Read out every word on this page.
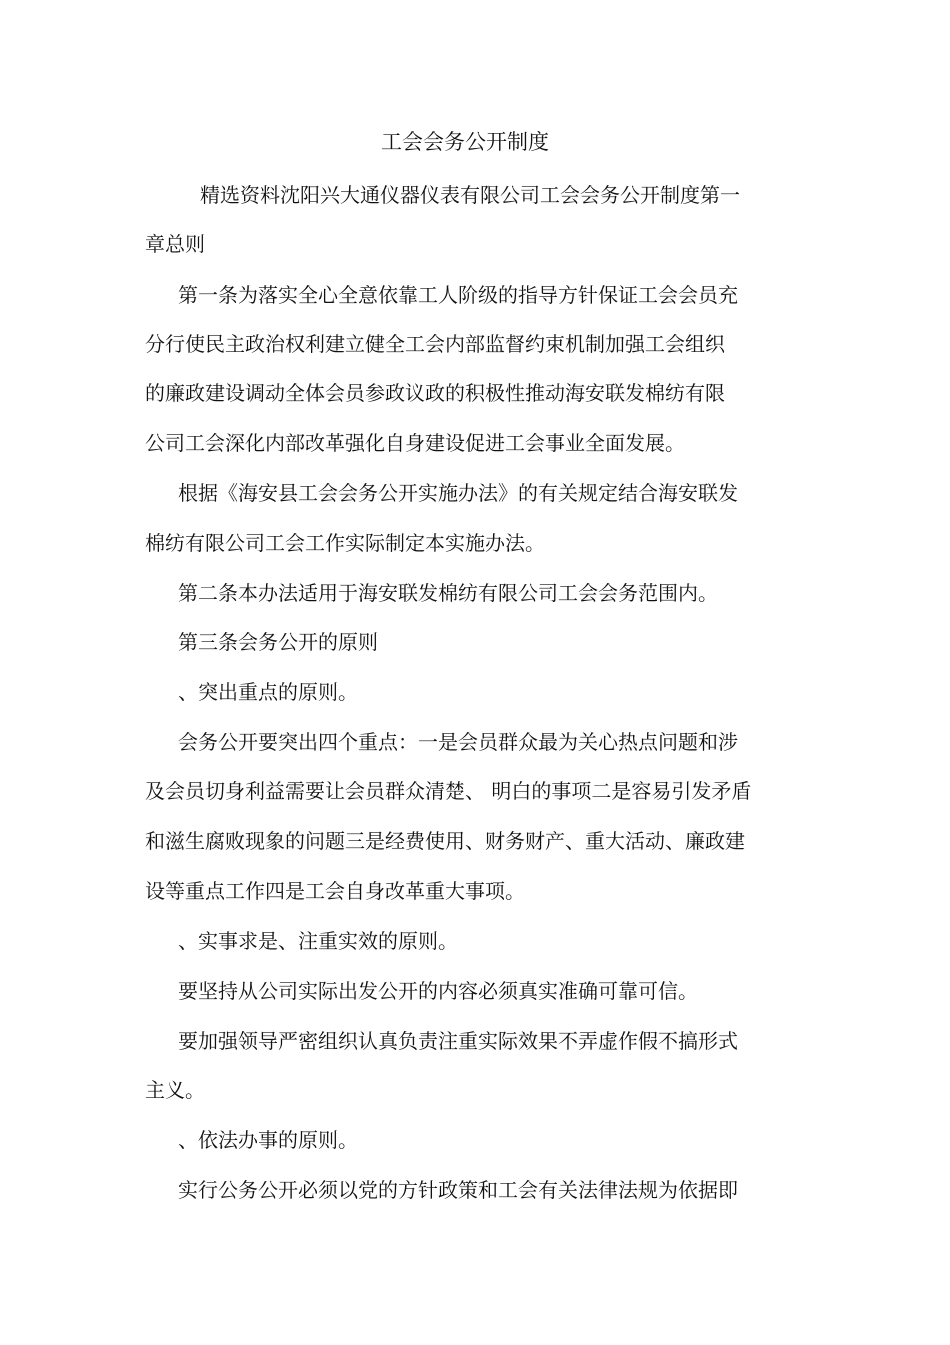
工会会务公开制度
精选资料沈阳兴大通仪器仪表有限公司工会会务公开制度第一
章总则
第一条为落实全心全意依靠工人阶级的指导方针保证工会会员充
分行使民主政治权利建立健全工会内部监督约束机制加强工会组织
的廉政建设调动全体会员参政议政的积极性推动海安联发棉纺有限
公司工会深化内部改革强化自身建设促进工会事业全面发展。
根据《海安县工会会务公开实施办法》的有关规定结合海安联发
棉纺有限公司工会工作实际制定本实施办法。
第二条本办法适用于海安联发棉纺有限公司工会会务范围内。
第三条会务公开的原则
、突出重点的原则。
会务公开要突出四个重点：一是会员群众最为关心热点问题和涉
及会员切身利益需要让会员群众清楚、 明白的事项二是容易引发矛盾
和滋生腐败现象的问题三是经费使用、财务财产、重大活动、廉政建
设等重点工作四是工会自身改革重大事项。
、实事求是、注重实效的原则。
要坚持从公司实际出发公开的内容必须真实准确可靠可信。
要加强领导严密组织认真负责注重实际效果不弄虚作假不搞形式
主义。
、依法办事的原则。
实行公务公开必须以党的方针政策和工会有关法律法规为依据即
